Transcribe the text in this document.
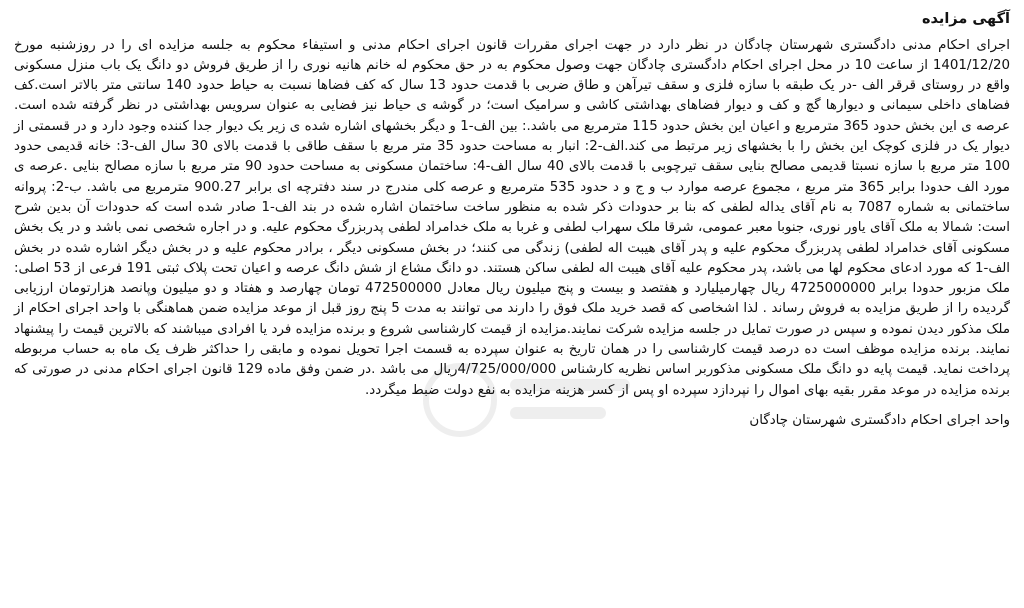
آگهی مزایده

اجرای احکام مدنی دادگستری شهرستان چادگان در نظر دارد در جهت اجرای مقررات قانون اجرای احکام مدنی و استیفاء محکوم به جلسه مزایده ای را در روزشنبه مورخ 1401/12/20 از ساعت 10 در محل اجرای احکام دادگستری چادگان جهت وصول محکوم به در حق محکوم له خانم هانیه نوری را از طریق فروش دو دانگ یک باب منزل مسکونی واقع در روستای قرقر الف -در یک طبقه با سازه فلزی و سقف تیرآهن و طاق ضربی با قدمت حدود 13 سال که کف فضاها نسبت به حیاط حدود 140 سانتی متر بالاتر است.کف فضاهای داخلی سیمانی و دیوارها گچ و کف و دیوار فضاهای بهداشتی کاشی و سرامیک است؛ در گوشه ی حیاط نیز فضایی به عنوان سرویس بهداشتی در نظر گرفته شده است. عرصه ی این بخش حدود 365 مترمربع و اعیان این بخش حدود 115 مترمربع می باشد.: بین الف-1 و دیگر بخشهای اشاره شده ی زیر یک دیوار جدا کننده وجود دارد و در قسمتی از دیوار یک در فلزی کوچک این بخش را با بخشهای زیر مرتبط می کند.الف-2: انبار به مساحت حدود 35 متر مربع با سقف طاقی با قدمت بالای 30 سال الف-3: خانه قدیمی حدود 100 متر مربع با سازه نسبتا قدیمی مصالح بنایی سقف تیرچوبی با قدمت بالای 40 سال الف-4: ساختمان مسکونی به مساحت حدود 90 متر مربع با سازه مصالح بنایی .عرصه ی مورد الف حدودا برابر 365 متر مربع ، مجموع عرصه موارد ب و ج و د حدود 535 مترمربع و عرصه کلی مندرج در سند دفترچه ای برابر 900.27 مترمربع می باشد. ب-2: پروانه ساختمانی به شماره 7087 به نام آقای یداله لطفی که بنا بر حدودات ذکر شده به منظور ساخت ساختمان اشاره شده در بند الف-1 صادر شده است که حدودات آن بدین شرح است: شمالا به ملک آقای یاور نوری، جنوبا معبر عمومی، شرقا ملک سهراب لطفی و غربا به ملک خدامراد لطفی پدربزرگ محکوم علیه. و در اجاره شخصی نمی باشد و در یک بخش مسکونی آقای خدامراد لطفی پدربزرگ محکوم علیه و پدر آقای هیبت اله لطفی) زندگی می کنند؛ در بخش مسکونی دیگر ، برادر محکوم علیه و در بخش دیگر اشاره شده در بخش الف-1 که مورد ادعای محکوم لها می باشد، پدر محکوم علیه آقای هیبت اله لطفی ساکن هستند. دو دانگ مشاع از شش دانگ عرصه و اعیان تحت پلاک ثبتی 191 فرعی از 53 اصلی: ملک مزبور حدودا برابر 4725000000 ریال چهارمیلیارد و هفتصد و بیست و پنج میلیون ریال معادل 472500000 تومان چهارصد و هفتاد و دو میلیون وپانصد هزارتومان ارزیابی گردیده را از طریق مزایده به فروش رساند . لذا اشخاصی که قصد خرید ملک فوق را دارند می توانند به مدت 5 پنج روز قبل از موعد مزایده ضمن هماهنگی با واحد اجرای احکام از ملک مذکور دیدن نموده و سپس در صورت تمایل در جلسه مزایده شرکت نمایند.مزایده از قیمت کارشناسی شروع و برنده مزایده فرد یا افرادی میباشند که بالاترین قیمت را پیشنهاد نمایند. برنده مزایده موظف است ده درصد قیمت کارشناسی را در همان تاریخ به عنوان سپرده به قسمت اجرا تحویل نموده و مابقی را حداکثر ظرف یک ماه به حساب مربوطه پرداخت نماید. قیمت پایه دو دانگ ملک مسکونی مذکوربر اساس نظریه کارشناس 4/725/000/000ریال می باشد .در ضمن وفق ماده 129 قانون اجرای احکام مدنی در صورتی که برنده مزایده در موعد مقرر بقیه بهای اموال را نپردازد سپرده او پس از کسر هزینه مزایده به نفع دولت ضبط میگردد.

واحد اجرای احکام دادگستری شهرستان چادگان
